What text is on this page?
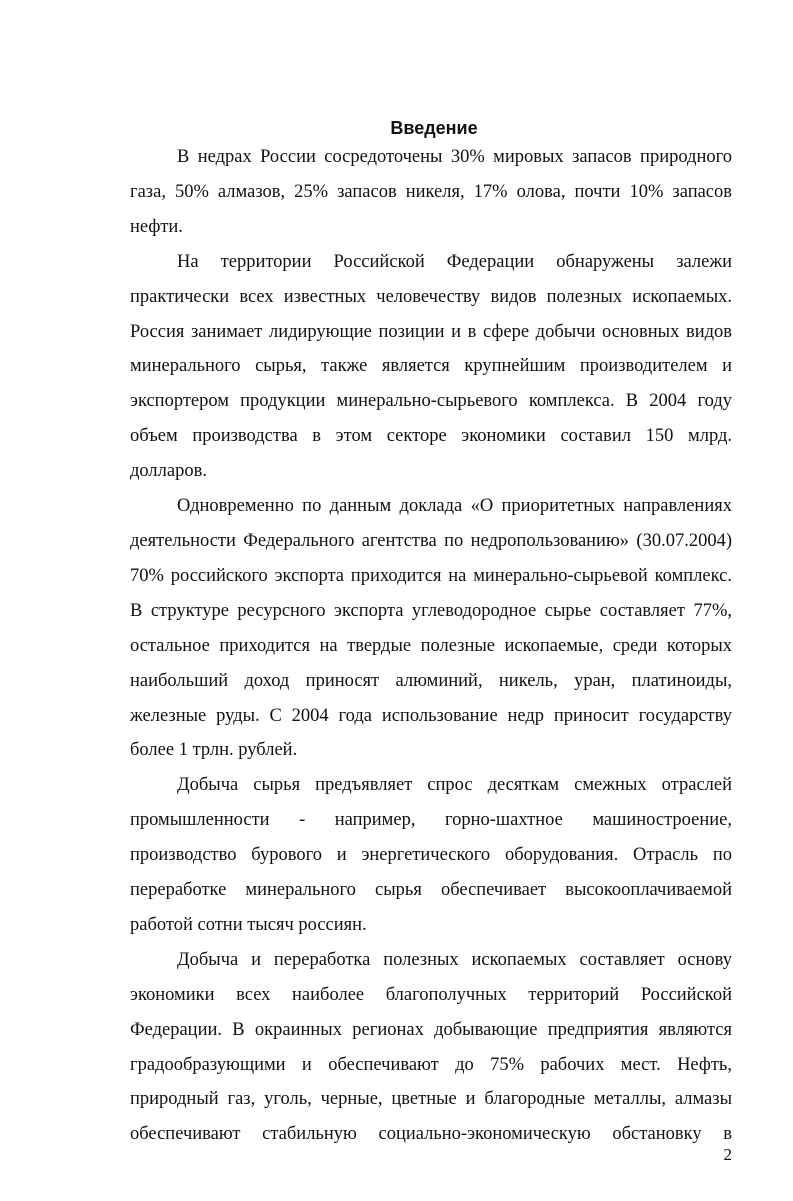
Введение

В недрах России сосредоточены 30% мировых запасов природного газа, 50% алмазов, 25% запасов никеля, 17% олова, почти 10% запасов нефти.

На территории Российской Федерации обнаружены залежи практически всех известных человечеству видов полезных ископаемых. Россия занимает лидирующие позиции и в сфере добычи основных видов минерального сырья, также является крупнейшим производителем и экспортером продукции минерально-сырьевого комплекса. В 2004 году объем производства в этом секторе экономики составил 150 млрд. долларов.

Одновременно по данным доклада «О приоритетных направлениях деятельности Федерального агентства по недропользованию» (30.07.2004) 70% российского экспорта приходится на минерально-сырьевой комплекс. В структуре ресурсного экспорта углеводородное сырье составляет 77%, остальное приходится на твердые полезные ископаемые, среди которых наибольший доход приносят алюминий, никель, уран, платиноиды, железные руды. С 2004 года использование недр приносит государству более 1 трлн. рублей.

Добыча сырья предъявляет спрос десяткам смежных отраслей промышленности - например, горно-шахтное машиностроение, производство бурового и энергетического оборудования. Отрасль по переработке минерального сырья обеспечивает высокооплачиваемой работой сотни тысяч россиян.

Добыча и переработка полезных ископаемых составляет основу экономики всех наиболее благополучных территорий Российской Федерации. В окраинных регионах добывающие предприятия являются градообразующими и обеспечивают до 75% рабочих мест. Нефть, природный газ, уголь, черные, цветные и благородные металлы, алмазы обеспечивают стабильную социально-экономическую обстановку в

2
